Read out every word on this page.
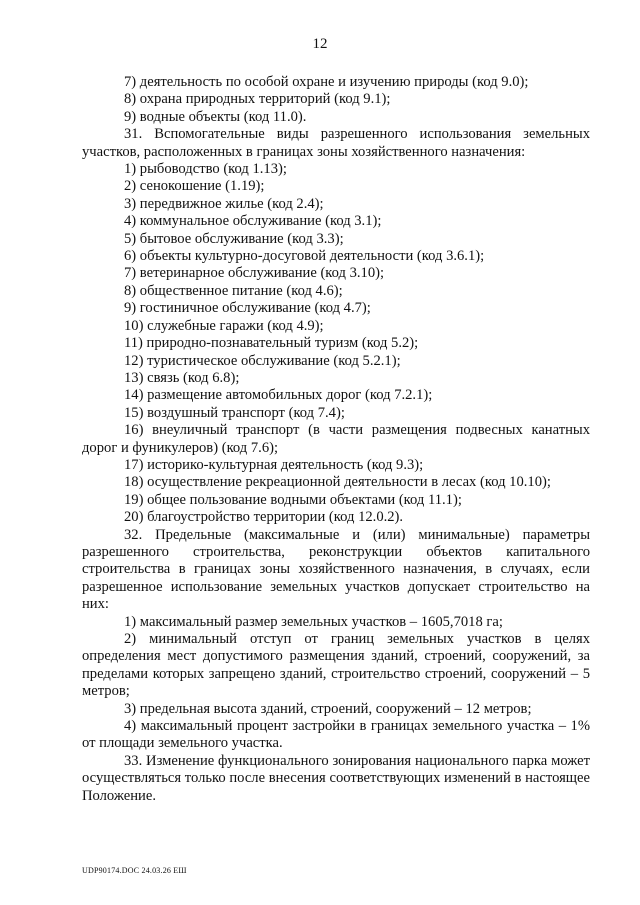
12

7) деятельность по особой охране и изучению природы (код 9.0);

8) охрана природных территорий (код 9.1);

9) водные объекты (код 11.0).

31. Вспомогательные виды разрешенного использования земельных участков, расположенных в границах зоны хозяйственного назначения:

1) рыбоводство (код 1.13);

2) сенокошение (1.19);

3) передвижное жилье (код 2.4);

4) коммунальное обслуживание (код 3.1);

5) бытовое обслуживание (код 3.3);

6) объекты культурно-досуговой деятельности (код 3.6.1);

7) ветеринарное обслуживание (код 3.10);

8) общественное питание (код 4.6);

9) гостиничное обслуживание (код 4.7);

10) служебные гаражи (код 4.9);

11) природно-познавательный туризм (код 5.2);

12) туристическое обслуживание (код 5.2.1);

13) связь (код 6.8);

14) размещение автомобильных дорог (код 7.2.1);

15) воздушный транспорт (код 7.4);

16) внеуличный транспорт (в части размещения подвесных канатных дорог и фуникулеров) (код 7.6);

17) историко-культурная деятельность (код 9.3);

18) осуществление рекреационной деятельности в лесах (код 10.10);

19) общее пользование водными объектами (код 11.1);

20) благоустройство территории (код 12.0.2).

32. Предельные (максимальные и (или) минимальные) параметры разрешенного строительства, реконструкции объектов капитального строительства в границах зоны хозяйственного назначения, в случаях, если разрешенное использование земельных участков допускает строительство на них:

1) максимальный размер земельных участков – 1605,7018 га;

2) минимальный отступ от границ земельных участков в целях определения мест допустимого размещения зданий, строений, сооружений, за пределами которых запрещено зданий, строительство строений, сооружений – 5 метров;

3) предельная высота зданий, строений, сооружений – 12 метров;

4) максимальный процент застройки в границах земельного участка – 1% от площади земельного участка.

33. Изменение функционального зонирования национального парка может осуществляться только после внесения соответствующих изменений в настоящее Положение.

UDP90174.DOC 24.03.26 ЕШ
